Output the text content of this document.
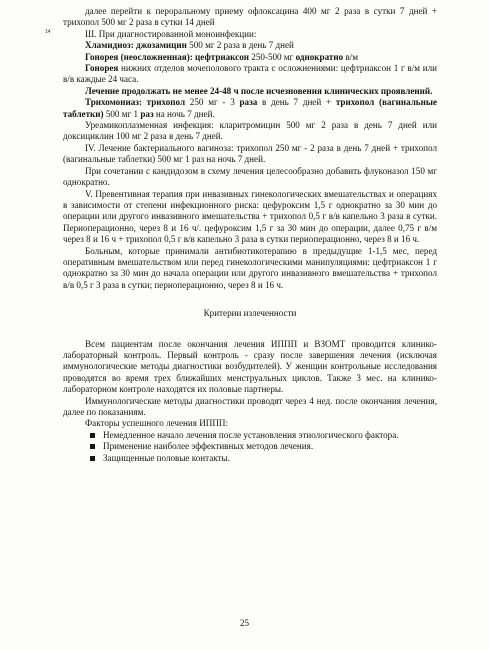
14

далее перейти к пероральному приему офлоксацина 400 мг 2 раза в сутки 7 дней + трихопол 500 мг 2 раза в сутки 14 дней

Ш. При диагностированной моноинфекции:

Хламидиоз: джозамицин 500 мг 2 раза в день 7 дней

Гонорея (неосложненная): цефтриаксон 250-500 мг однократно в/м

Гонорея нижних отделов мочеполового тракта с осложнениями: цефтриаксон 1 г в/м или в/в каждые 24 часа.

Лечение продолжать не менее 24-48 ч после исчезновения клинических проявлений.

Трихомониаз: трихопол 250 мг - 3 раза в день 7 дней + трихопол (вагинальные таблетки) 500 мг 1 раз на ночь 7 дней.

Уреамикоплазменная инфекция: кларитромицин 500 мг 2 раза в день 7 дней или доксициклин 100 мг 2 раза в день 7 дней.

IV. Лечение бактериального вагиноза: трихопол 250 мг - 2 раза в день 7 дней + трихопол (вагинальные таблетки) 500 мг 1 раз на ночь 7 дней.

При сочетании с кандидозом в схему лечения целесообразно добавить флуконазол 150 мг однократно.

V. Превентивная терапия при инвазивных гинекологических вмешательствах и операциях в зависимости от степени инфекционного риска: цефуроксим 1,5 г однократно за 30 мин до операции или другого инвазивного вмешательства + трихопол 0,5 г в/в капельно 3 раза в сутки. Периоперационно, через 8 и 16 ч/. цефуроксим 1,5 г за 30 мин до операции, далее 0,75 г в/м через 8 и 16 ч + трихопол 0,5 г в/в капельно 3 раза в сутки периоперационно, через 8 и 16 ч.

Больным, которые принимали антибиотикотерапию в предыдущие 1-1,5 мес, перед оперативным вмешательством или перед гинекологическими манипуляциями: цефтриаксон 1 г однократно за 30 мин до начала операции или другого инвазивного вмешательства + трихопол в/в 0,5 г 3 раза в сутки; периоперационно, через 8 и 16 ч.

Критерии излеченности

Всем пациентам после окончания лечения ИППП и ВЗОМТ проводится клинико-лабораторный контроль. Первый контроль - сразу после завершения лечения (исключая иммунологические методы диагностики возбудителей). У женщин контрольные исследования проводятся во время трех ближайших менструальных циклов. Также 3 мес. на клинико-лабораторном контроле находятся их половые партнеры.

Иммунологические методы диагностики проводят через 4 нед. после окончания лечения, далее по показаниям.

Факторы успешного лечения ИППП:

Немедленное начало лечения после установления этиологического фактора.
Применение наиболее эффективных методов лечения.
Защищенные половые контакты.
25
